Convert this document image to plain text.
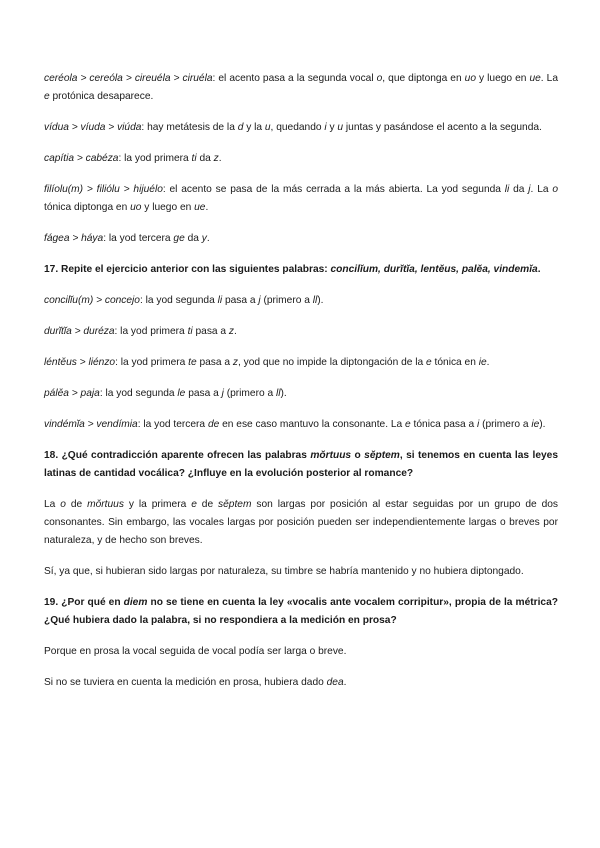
ceréola > cereóla > cireuéla > ciruéla: el acento pasa a la segunda vocal o, que diptonga en uo y luego en ue. La e protónica desaparece.

vídua > víuda > viúda: hay metátesis de la d y la u, quedando i y u juntas y pasándose el acento a la segunda.

capítia > cabéza: la yod primera ti da z.

filíolu(m) > filiólu > hijuélo: el acento se pasa de la más cerrada a la más abierta. La yod segunda li da j. La o tónica diptonga en uo y luego en ue.

fágea > háya: la yod tercera ge da y.

17. Repite el ejercicio anterior con las siguientes palabras: concilĭum, durĭtĭa, lentĕus, palĕa, vindemĭa.

concilĭu(m) > concejo: la yod segunda li pasa a j (primero a ll).

durĭtĭa > duréza: la yod primera ti pasa a z.

léntĕus > liénzo: la yod primera te pasa a z, yod que no impide la diptongación de la e tónica en ie.

pálĕa > paja: la yod segunda le pasa a j (primero a ll).

vindémĭa > vendímia: la yod tercera de en ese caso mantuvo la consonante. La e tónica pasa a i (primero a ie).

18. ¿Qué contradicción aparente ofrecen las palabras mŏrtuus o sĕptem, si tenemos en cuenta las leyes latinas de cantidad vocálica? ¿Influye en la evolución posterior al romance?

La o de mŏrtuus y la primera e de sĕptem son largas por posición al estar seguidas por un grupo de dos consonantes. Sin embargo, las vocales largas por posición pueden ser independientemente largas o breves por naturaleza, y de hecho son breves.

Sí, ya que, si hubieran sido largas por naturaleza, su timbre se habría mantenido y no hubiera diptongado.

19. ¿Por qué en diem no se tiene en cuenta la ley «vocalis ante vocalem corripitur», propia de la métrica? ¿Qué hubiera dado la palabra, si no respondiera a la medición en prosa?

Porque en prosa la vocal seguida de vocal podía ser larga o breve.

Si no se tuviera en cuenta la medición en prosa, hubiera dado dea.
